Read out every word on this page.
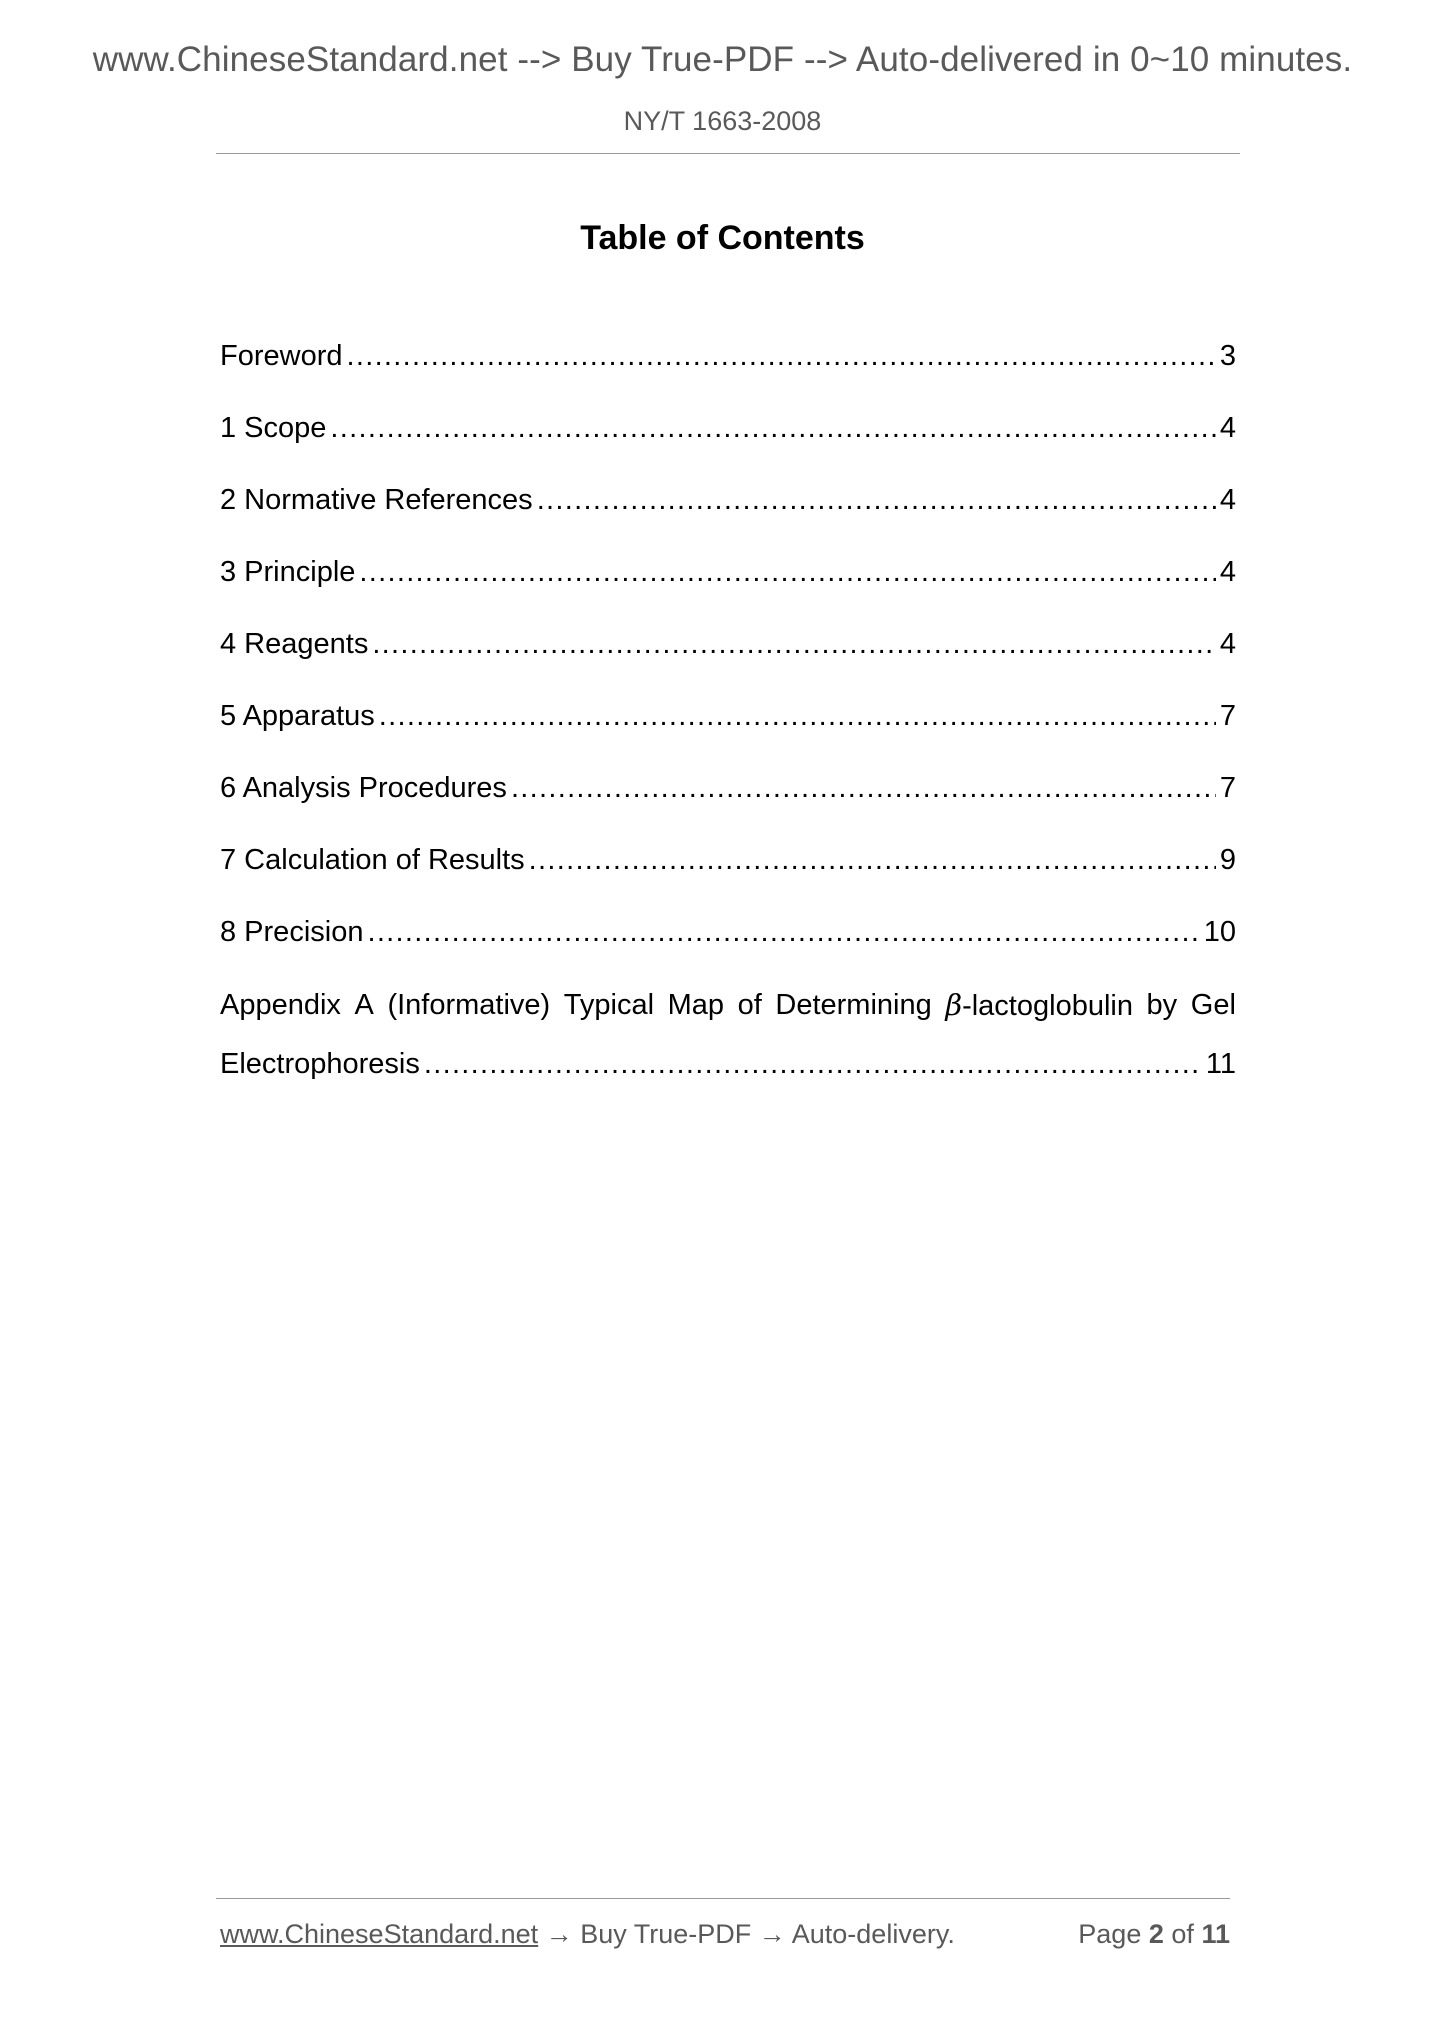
www.ChineseStandard.net --> Buy True-PDF --> Auto-delivered in 0~10 minutes.
NY/T 1663-2008
Table of Contents
Foreword .....	3
1 Scope .....	4
2 Normative References .....	4
3 Principle .....	4
4 Reagents .....	4
5 Apparatus .....	7
6 Analysis Procedures .....	7
7 Calculation of Results .....	9
8 Precision .....	10
Appendix A (Informative) Typical Map of Determining β-lactoglobulin by Gel
Electrophoresis .....	11
www.ChineseStandard.net → Buy True-PDF → Auto-delivery.	Page 2 of 11
